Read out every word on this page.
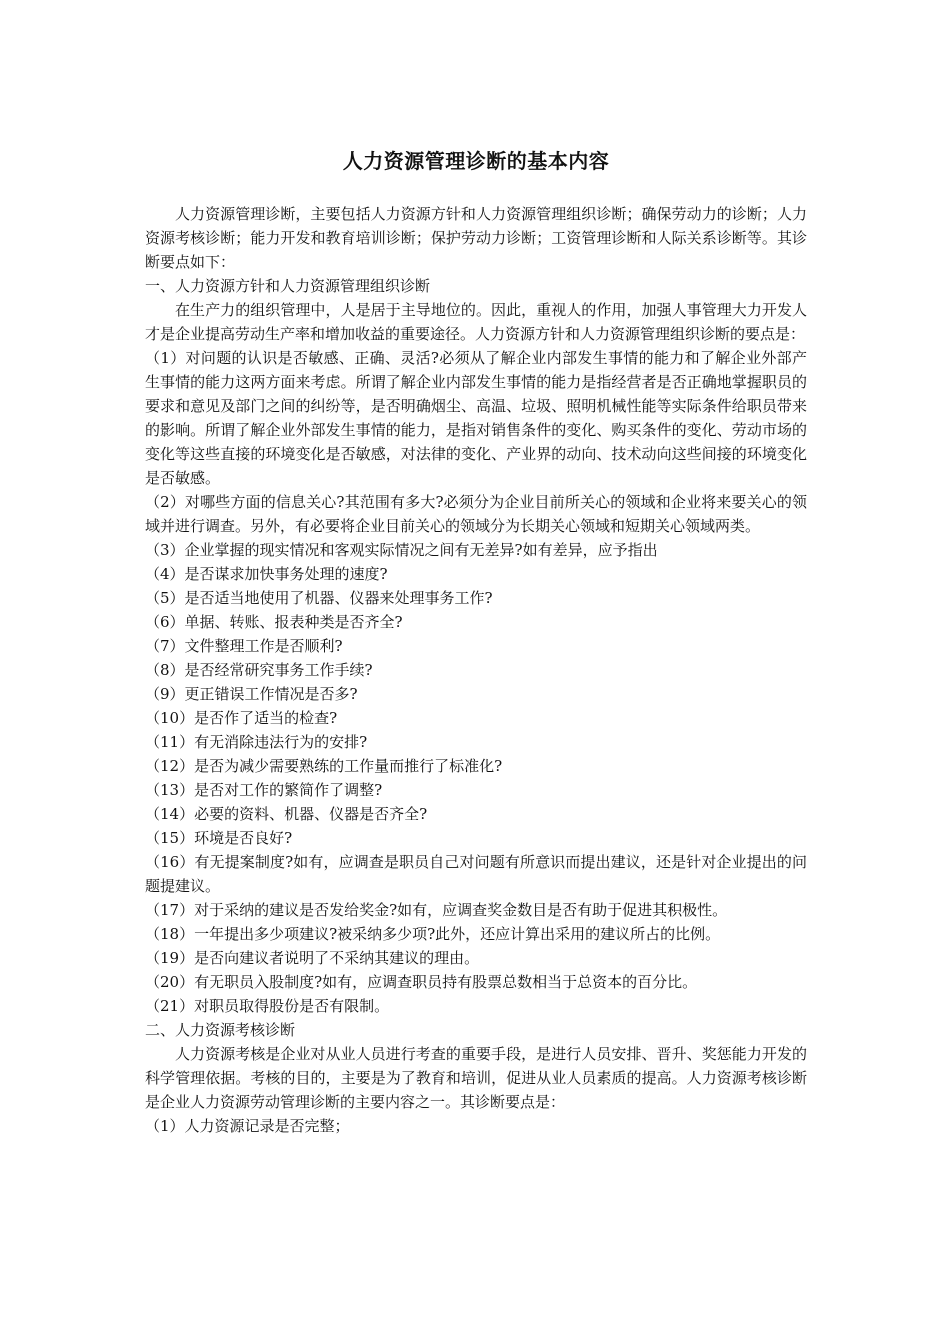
人力资源管理诊断的基本内容

人力资源管理诊断，主要包括人力资源方针和人力资源管理组织诊断；确保劳动力的诊断；人力资源考核诊断；能力开发和教育培训诊断；保护劳动力诊断；工资管理诊断和人际关系诊断等。其诊断要点如下：

一、人力资源方针和人力资源管理组织诊断

在生产力的组织管理中，人是居于主导地位的。因此，重视人的作用，加强人事管理大力开发人才是企业提高劳动生产率和增加收益的重要途径。人力资源方针和人力资源管理组织诊断的要点是：

（1）对问题的认识是否敏感、正确、灵活?必须从了解企业内部发生事情的能力和了解企业外部产生事情的能力这两方面来考虑。所谓了解企业内部发生事情的能力是指经营者是否正确地掌握职员的要求和意见及部门之间的纠纷等，是否明确烟尘、高温、垃圾、照明机械性能等实际条件给职员带来的影响。所谓了解企业外部发生事情的能力，是指对销售条件的变化、购买条件的变化、劳动市场的变化等这些直接的环境变化是否敏感，对法律的变化、产业界的动向、技术动向这些间接的环境变化是否敏感。

（2）对哪些方面的信息关心?其范围有多大?必须分为企业目前所关心的领域和企业将来要关心的领域并进行调查。另外，有必要将企业目前关心的领域分为长期关心领域和短期关心领域两类。

（3）企业掌握的现实情况和客观实际情况之间有无差异?如有差异，应予指出

（4）是否谋求加快事务处理的速度?

（5）是否适当地使用了机器、仪器来处理事务工作?

（6）单据、转账、报表种类是否齐全?

（7）文件整理工作是否顺利?

（8）是否经常研究事务工作手续?

（9）更正错误工作情况是否多?

（10）是否作了适当的检查?

（11）有无消除违法行为的安排?

（12）是否为减少需要熟练的工作量而推行了标准化?

（13）是否对工作的繁简作了调整?

（14）必要的资料、机器、仪器是否齐全?

（15）环境是否良好?

（16）有无提案制度?如有，应调查是职员自己对问题有所意识而提出建议，还是针对企业提出的问题提建议。

（17）对于采纳的建议是否发给奖金?如有，应调查奖金数目是否有助于促进其积极性。

（18）一年提出多少项建议?被采纳多少项?此外，还应计算出采用的建议所占的比例。

（19）是否向建议者说明了不采纳其建议的理由。

（20）有无职员入股制度?如有，应调查职员持有股票总数相当于总资本的百分比。

（21）对职员取得股份是否有限制。

二、人力资源考核诊断

人力资源考核是企业对从业人员进行考查的重要手段，是进行人员安排、晋升、奖惩能力开发的科学管理依据。考核的目的，主要是为了教育和培训，促进从业人员素质的提高。人力资源考核诊断是企业人力资源劳动管理诊断的主要内容之一。其诊断要点是：

（1）人力资源记录是否完整；
